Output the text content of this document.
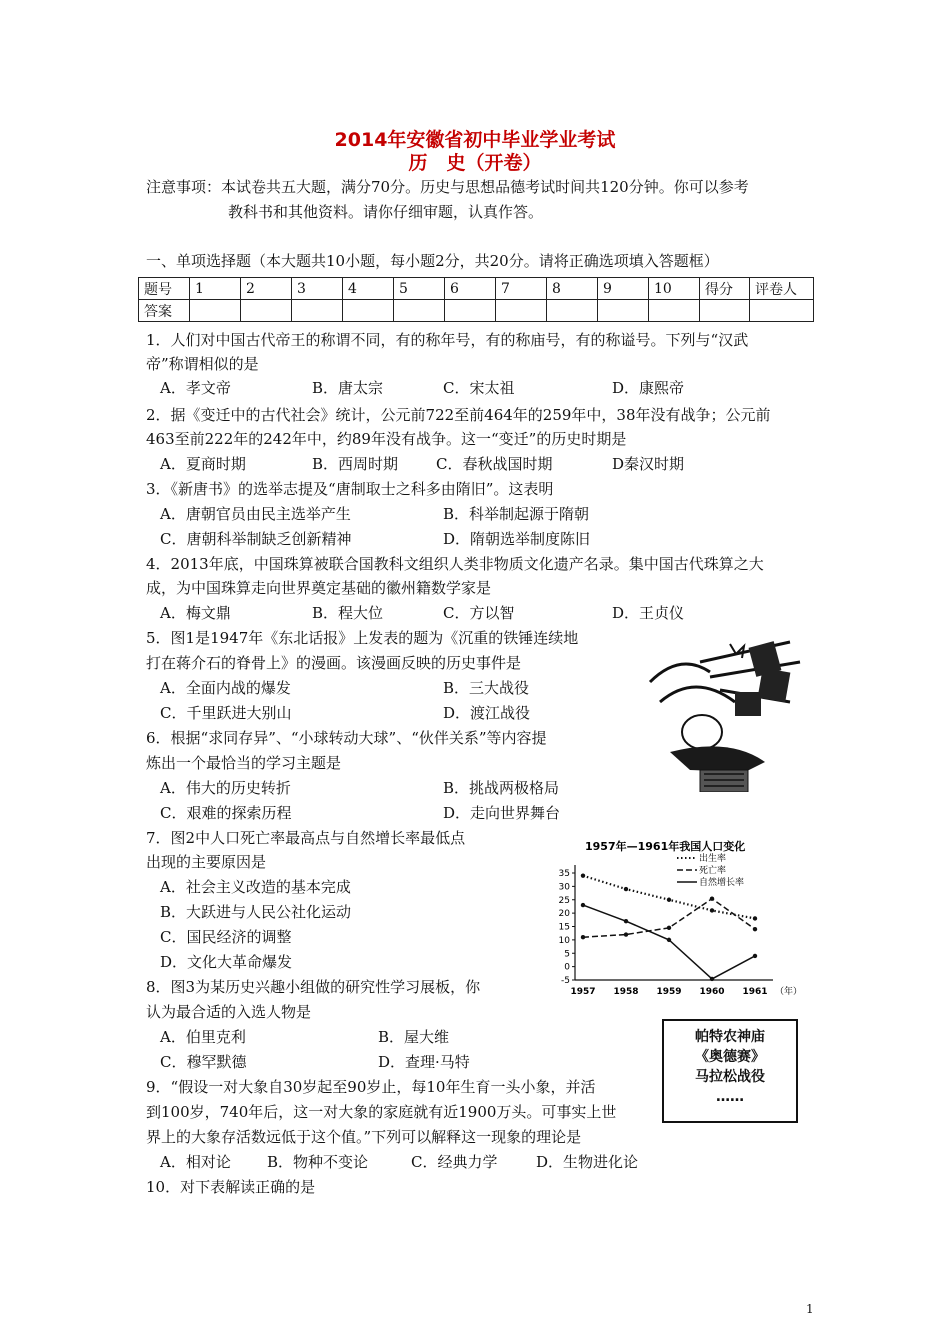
2014年安徽省初中毕业学业考试
历　史（开卷）
注意事项：本试卷共五大题，满分70分。历史与思想品德考试时间共120分钟。你可以参考
教科书和其他资料。请你仔细审题，认真作答。
一、单项选择题（本大题共10小题，每小题2分，共20分。请将正确选项填入答题框）
题号	1	2	3	4	5	6	7	8	9	10	得分	评卷人
答案												
1．人们对中国古代帝王的称谓不同，有的称年号，有的称庙号，有的称谥号。下列与“汉武
帝”称谓相似的是
A．孝文帝	B．唐太宗	C．宋太祖	D．康熙帝
2．据《变迁中的古代社会》统计，公元前722至前464年的259年中，38年没有战争；公元前
463至前222年的242年中，约89年没有战争。这一“变迁”的历史时期是
A．夏商时期	B．西周时期	C．春秋战国时期	D秦汉时期
3．《新唐书》的选举志提及“唐制取士之科多由隋旧”。这表明
A．唐朝官员由民主选举产生	B．科举制起源于隋朝
C．唐朝科举制缺乏创新精神	D．隋朝选举制度陈旧
4．2013年底，中国珠算被联合国教科文组织人类非物质文化遗产名录。集中国古代珠算之大
成，为中国珠算走向世界奠定基础的徽州籍数学家是
A．梅文鼎	B．程大位	C．方以智	D．王贞仪
5．图1是1947年《东北话报》上发表的题为《沉重的铁锤连续地
打在蒋介石的脊骨上》的漫画。该漫画反映的历史事件是
A．全面内战的爆发	B．三大战役
C．千里跃进大别山	D．渡江战役
6．根据“求同存异”、“小球转动大球”、“伙伴关系”等内容提
炼出一个最恰当的学习主题是
A．伟大的历史转折	B．挑战两极格局
C．艰难的探索历程	D．走向世界舞台
7．图2中人口死亡率最高点与自然增长率最低点
出现的主要原因是
A．社会主义改造的基本完成
B．大跃进与人民公社化运动
C．国民经济的调整
D．文化大革命爆发
1957年—1961年我国人口变化
出生率
死亡率
自然增长率
35
30
25
20
15
10
5
0
-5
1957 1958 1959 1960 1961 （年）
8．图3为某历史兴趣小组做的研究性学习展板，你
认为最合适的入选人物是
A．伯里克利	B．屋大维
C．穆罕默德	D．查理·马特
帕特农神庙
《奥德赛》
马拉松战役
……
9．“假设一对大象自30岁起至90岁止，每10年生育一头小象，并活
到100岁，740年后，这一对大象的家庭就有近1900万头。可事实上世
界上的大象存活数远低于这个值。”下列可以解释这一现象的理论是
A．相对论 B．物种不变论	C．经典力学	D．生物进化论
10．对下表解读正确的是
1
